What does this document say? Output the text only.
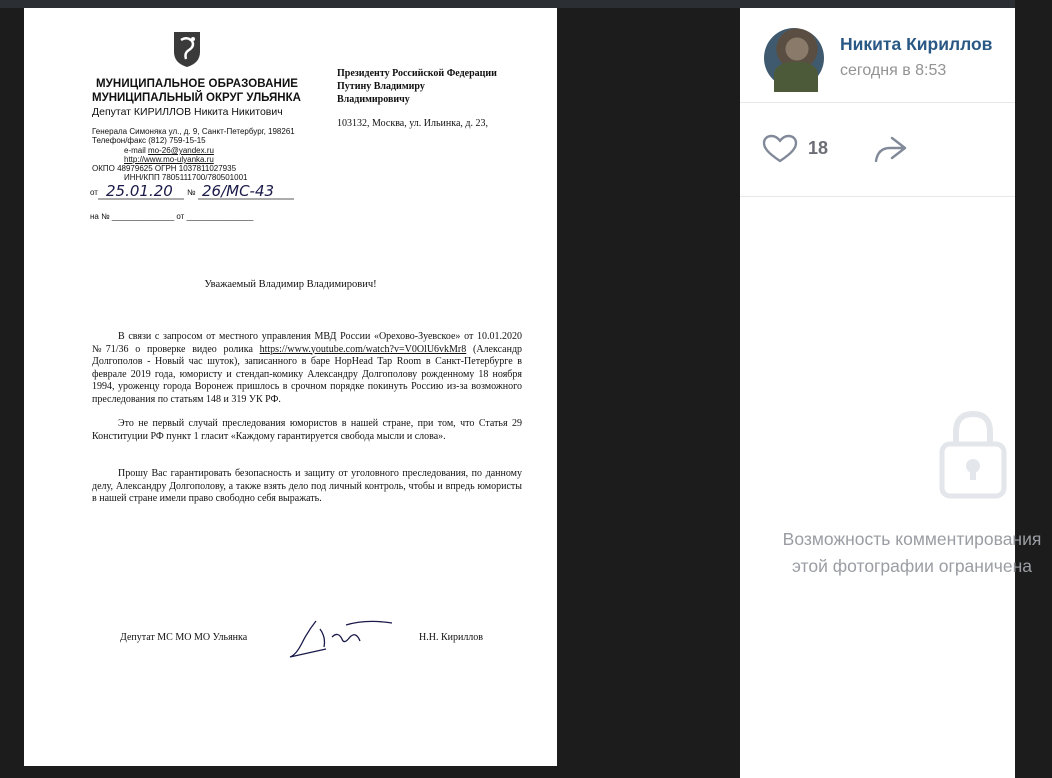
МУНИЦИПАЛЬНОЕ ОБРАЗОВАНИЕ
МУНИЦИПАЛЬНЫЙ ОКРУГ УЛЬЯНКА
Депутат КИРИЛЛОВ Никита Никитович
Генерала Симоняка ул., д. 9, Санкт-Петербург, 198261
Телефон/факс (812) 759-15-15
e-mail mo-26@yandex.ru
http://www.mo-ulyanka.ru
ОКПО 48979625 ОГРН 1037811027935
ИНН/КПП 7805111700/780501001
от 25.01.20 № 26/МС-43
на № ______________ от _______________
Президенту Российской Федерации
Путину Владимиру
Владимировичу
103132, Москва, ул. Ильинка, д. 23,
Уважаемый Владимир Владимирович!

В связи с запросом от местного управления МВД России «Орехово-Зуевское» от 10.01.2020 №71/36 о проверке видео ролика https://www.youtube.com/watch?v=V0OlU6vkMr8 (Александр Долгополов - Новый час шуток), записанного в баре HopHead Tap Room в Санкт-Петербурге в феврале 2019 года, юмористу и стендап-комику Александру Долгополову рожденному 18 ноября 1994, уроженцу города Воронеж пришлось в срочном порядке покинуть Россию из-за возможного преследования по статьям 148 и 319 УК РФ.

Это не первый случай преследования юмористов в нашей стране, при том, что Статья 29 Конституции РФ пункт 1 гласит «Каждому гарантируется свобода мысли и слова».

Прошу Вас гарантировать безопасность и защиту от уголовного преследования, по данному делу, Александру Долгополову, а также взять дело под личный контроль, чтобы и впредь юмористы в нашей стране имели право свободно себя выражать.

Депутат МС МО МО Ульянка	Н.Н. Кириллов
Никита Кириллов
сегодня в 8:53
18
Возможность комментирования этой фотографии ограничена
